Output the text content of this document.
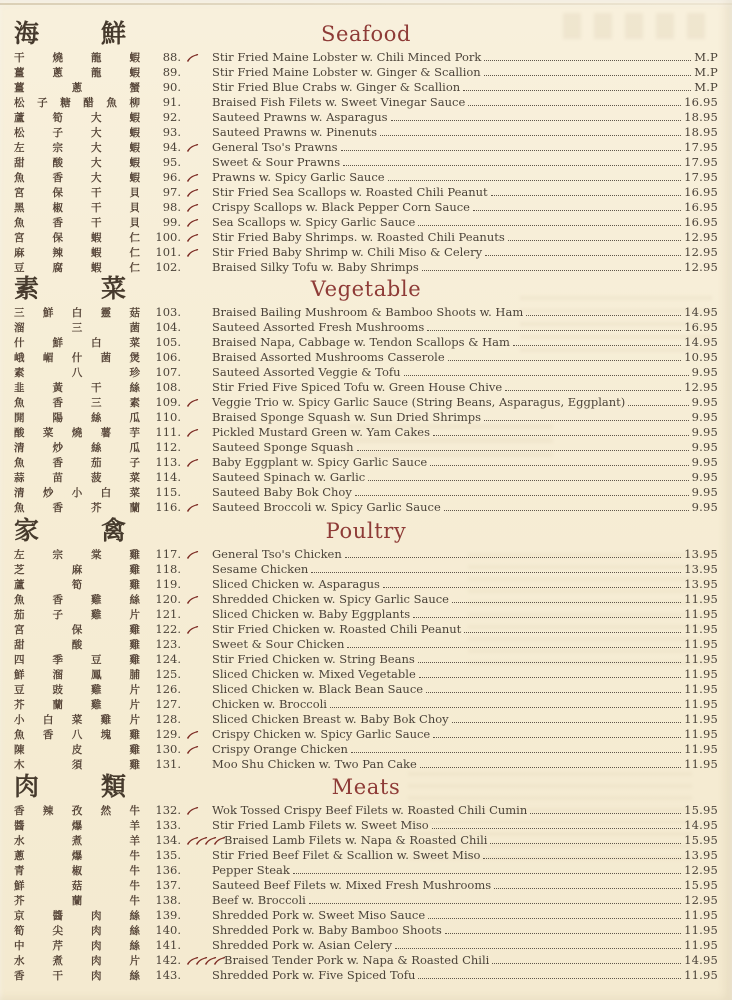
海 鮮	Seafood
干	燒	龍	蝦	88.	Stir Fried Maine Lobster w. Chili Minced Pork	M.P
薑	蔥	龍	蝦	89.	Stir Fried Maine Lobster w. Ginger & Scallion	M.P
薑	蔥	蟹	90.	Stir Fried Blue Crabs w. Ginger & Scallion	M.P
松 子 糖 醋 魚 柳	91.	Braised Fish Filets w. Sweet Vinegar Sauce	16.95
蘆	筍	大	蝦	92.	Sauteed Prawns w. Asparagus	18.95
松	子	大	蝦	93.	Sauteed Prawns w. Pinenuts	18.95
左	宗	大	蝦	94.	General Tso's Prawns	17.95
甜	酸	大	蝦	95.	Sweet & Sour Prawns	17.95
魚	香	大	蝦	96.	Prawns w. Spicy Garlic Sauce	17.95
宮	保	干	貝	97.	Stir Fried Sea Scallops w. Roasted Chili Peanut	16.95
黑	椒	干	貝	98.	Crispy Scallops w. Black Pepper Corn Sauce	16.95
魚	香	干	貝	99.	Sea Scallops w. Spicy Garlic Sauce	16.95
宮	保	蝦	仁	100.	Stir Fried Baby Shrimps. w. Roasted Chili Peanuts	12.95
麻	辣	蝦	仁	101.	Stir Fried Baby Shrimp w. Chili Miso & Celery	12.95
豆	腐	蝦	仁	102.	Braised Silky Tofu w. Baby Shrimps	12.95
素 菜	Vegetable
三 鮮 白 靈 菇	103.	Braised Bailing Mushroom & Bamboo Shoots w. Ham	14.95
溜	三	菌	104.	Sauteed Assorted Fresh Mushrooms	16.95
什	鮮	白	菜	105.	Braised Napa, Cabbage w. Tendon Scallops & Ham	14.95
峨 嵋 什 菌 煲	106.	Braised Assorted Mushrooms Casserole	10.95
素	八	珍	107.	Sauteed Assorted Veggie & Tofu	9.95
韭	黃	干	絲	108.	Stir Fried Five Spiced Tofu w. Green House Chive	12.95
魚	香	三	素	109.	Veggie Trio w. Spicy Garlic Sauce (String Beans, Asparagus, Eggplant)	9.95
開	陽	絲	瓜	110.	Braised Sponge Squash w. Sun Dried Shrimps	9.95
酸 菜 燒 薯 芋	111.	Pickled Mustard Green w. Yam Cakes	9.95
清	炒	絲	瓜	112.	Sauteed Sponge Squash	9.95
魚	香	茄	子	113.	Baby Eggplant w. Spicy Garlic Sauce	9.95
蒜	苗	菠	菜	114.	Sauteed Spinach w. Garlic	9.95
清 炒 小 白 菜	115.	Sauteed Baby Bok Choy	9.95
魚	香	芥	蘭	116.	Sauteed Broccoli w. Spicy Garlic Sauce	9.95
家 禽	Poultry
左	宗	棠	雞	117.	General Tso's Chicken	13.95
芝	麻	雞	118.	Sesame Chicken	13.95
蘆	筍	雞	119.	Sliced Chicken w. Asparagus	13.95
魚	香	雞	絲	120.	Shredded Chicken w. Spicy Garlic Sauce	11.95
茄	子	雞	片	121.	Sliced Chicken w. Baby Eggplants	11.95
宮	保	雞	122.	Stir Fried Chicken w. Roasted Chili Peanut	11.95
甜	酸	雞	123.	Sweet & Sour Chicken	11.95
四	季	豆	雞	124.	Stir Fried Chicken w. String Beans	11.95
鮮	溜	鳳	脯	125.	Sliced Chicken w. Mixed Vegetable	11.95
豆	豉	雞	片	126.	Sliced Chicken w. Black Bean Sauce	11.95
芥	蘭	雞	片	127.	Chicken w. Broccoli	11.95
小 白 菜 雞 片	128.	Sliced Chicken Breast w. Baby Bok Choy	11.95
魚 香 八 塊 雞	129.	Crispy Chicken w. Spicy Garlic Sauce	11.95
陳	皮	雞	130.	Crispy Orange Chicken	11.95
木	須	雞	131.	Moo Shu Chicken w. Two Pan Cake	11.95
肉 類	Meats
香 辣 孜 然 牛	132.	Wok Tossed Crispy Beef Filets w. Roasted Chili Cumin	15.95
醬	爆	羊	133.	Stir Fried Lamb Filets w. Sweet Miso	14.95
水	煮	羊	134.	Braised Lamb Filets w. Napa & Roasted Chili	15.95
蔥	爆	牛	135.	Stir Fried Beef Filet & Scallion w. Sweet Miso	13.95
青	椒	牛	136.	Pepper Steak	12.95
鮮	菇	牛	137.	Sauteed Beef Filets w. Mixed Fresh Mushrooms	15.95
芥	蘭	牛	138.	Beef w. Broccoli	12.95
京	醬	肉	絲	139.	Shredded Pork w. Sweet Miso Sauce	11.95
筍	尖	肉	絲	140.	Shredded Pork w. Baby Bamboo Shoots	11.95
中	芹	肉	絲	141.	Shredded Pork w. Asian Celery	11.95
水	煮	肉	片	142.	Braised Tender Pork w. Napa & Roasted Chili	14.95
香	干	肉	絲	143.	Shredded Pork w. Five Spiced Tofu	11.95
